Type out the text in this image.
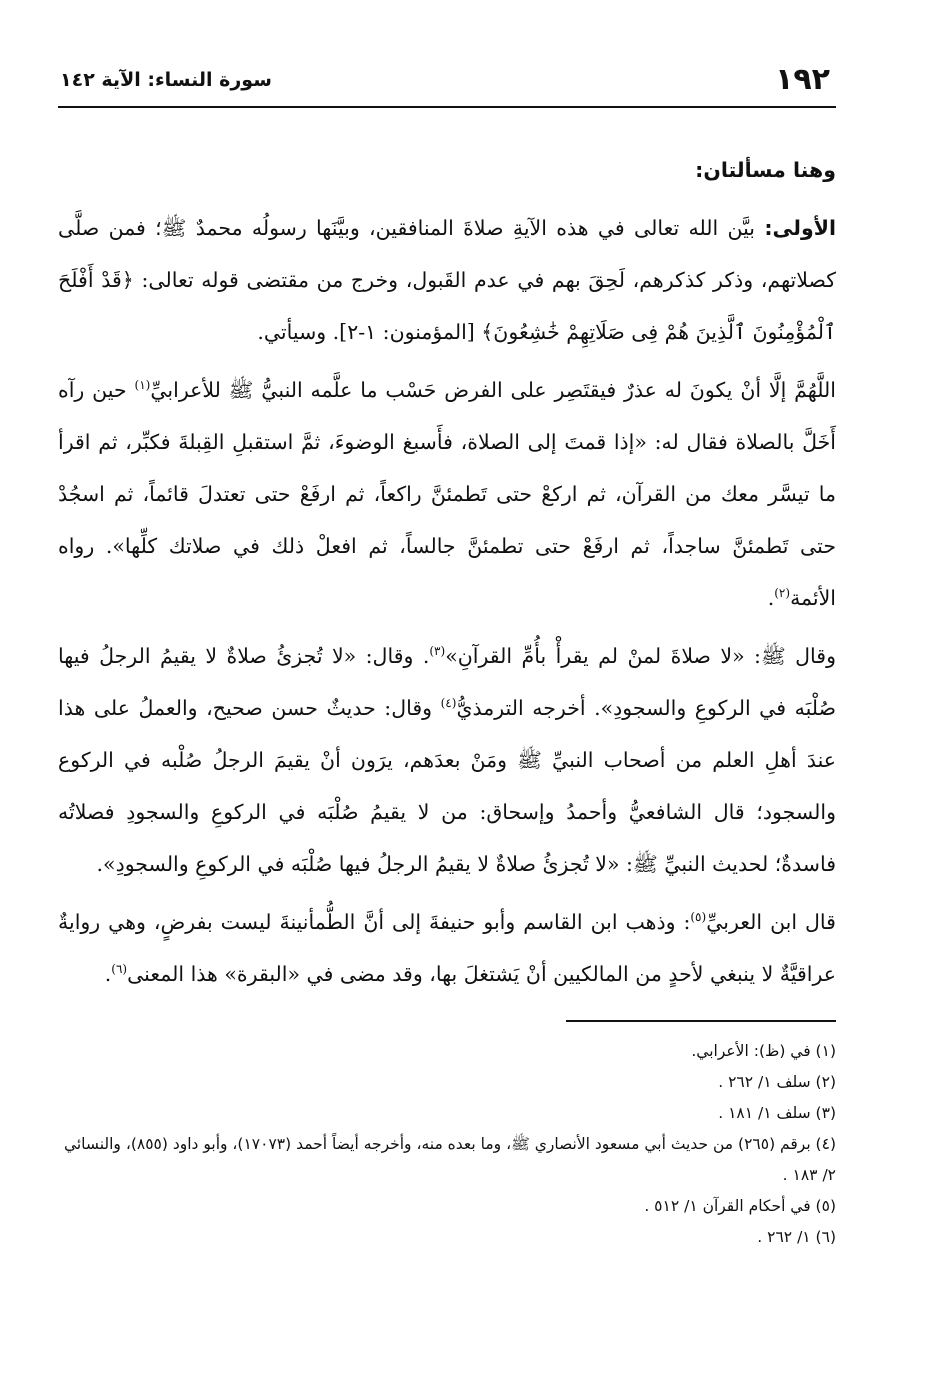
١٩٢
سورة النساء: الآية ١٤٢

وهنا مسألتان:

الأولى: بيَّن الله تعالى في هذه الآيةِ صلاةَ المنافقين، وبيَّنَها رسولُه محمدٌ ﷺ؛ فمن صلَّى كصلاتهم، وذكر كذكرهم، لَحِقَ بهم في عدم القَبول، وخرج من مقتضى قوله تعالى: ﴿قَدْ أَفْلَحَ ٱلْمُؤْمِنُونَ ٱلَّذِينَ هُمْ فِى صَلَاتِهِمْ خَٰشِعُونَ﴾ [المؤمنون: ١-٢]. وسيأتي.

اللَّهُمَّ إلَّا أنْ يكونَ له عذرٌ فيقتَصِر على الفرض حَسْب ما علَّمه النبيُّ ﷺ للأعرابيِّ$^{(١)}$ حين رآه أَخَلَّ بالصلاة فقال له: «إذا قمتَ إلى الصلاة، فأَسبغ الوضوءَ، ثمَّ استقبلِ القِبلةَ فكبِّر، ثم اقرأ ما تيسَّر معك من القرآن، ثم اركعْ حتى تَطمئنَّ راكعاً، ثم ارفَعْ حتى تعتدلَ قائماً، ثم اسجُدْ حتى تَطمئنَّ ساجداً، ثم ارفَعْ حتى تطمئنَّ جالساً، ثم افعلْ ذلك في صلاتك كلِّها». رواه الأئمة$^{(٢)}$.

وقال ﷺ: «لا صلاةَ لمنْ لم يقرأْ بأُمِّ القرآنِ»$^{(٣)}$. وقال: «لا تُجزئُ صلاةٌ لا يقيمُ الرجلُ فيها صُلْبَه في الركوعِ والسجودِ». أخرجه الترمذيُّ$^{(٤)}$ وقال: حديثٌ حسن صحيح، والعملُ على هذا عندَ أهلِ العلم من أصحاب النبيِّ ﷺ ومَنْ بعدَهم، يرَون أنْ يقيمَ الرجلُ صُلْبه في الركوع والسجود؛ قال الشافعيُّ وأحمدُ وإسحاق: من لا يقيمُ صُلْبَه في الركوعِ والسجودِ فصلاتُه فاسدةٌ؛ لحديث النبيِّ ﷺ: «لا تُجزئُ صلاةٌ لا يقيمُ الرجلُ فيها صُلْبَه في الركوعِ والسجودِ».

قال ابن العربيِّ$^{(٥)}$: وذهب ابن القاسم وأبو حنيفةَ إلى أنَّ الطُّمأنينةَ ليست بفرضٍ، وهي روايةٌ عراقيَّةٌ لا ينبغي لأحدٍ من المالكيين أنْ يَشتغلَ بها، وقد مضى في «البقرة» هذا المعنى$^{(٦)}$.

(١) في (ظ): الأعرابي.
(٢) سلف ١/ ٢٦٢ .
(٣) سلف ١/ ١٨١ .
(٤) برقم (٢٦٥) من حديث أبي مسعود الأنصاري ﷺ، وما بعده منه، وأخرجه أيضاً أحمد (١٧٠٧٣)، وأبو داود (٨٥٥)، والنسائي ٢/ ١٨٣ .
(٥) في أحكام القرآن ١/ ٥١٢ .
(٦) ١/ ٢٦٢ .
